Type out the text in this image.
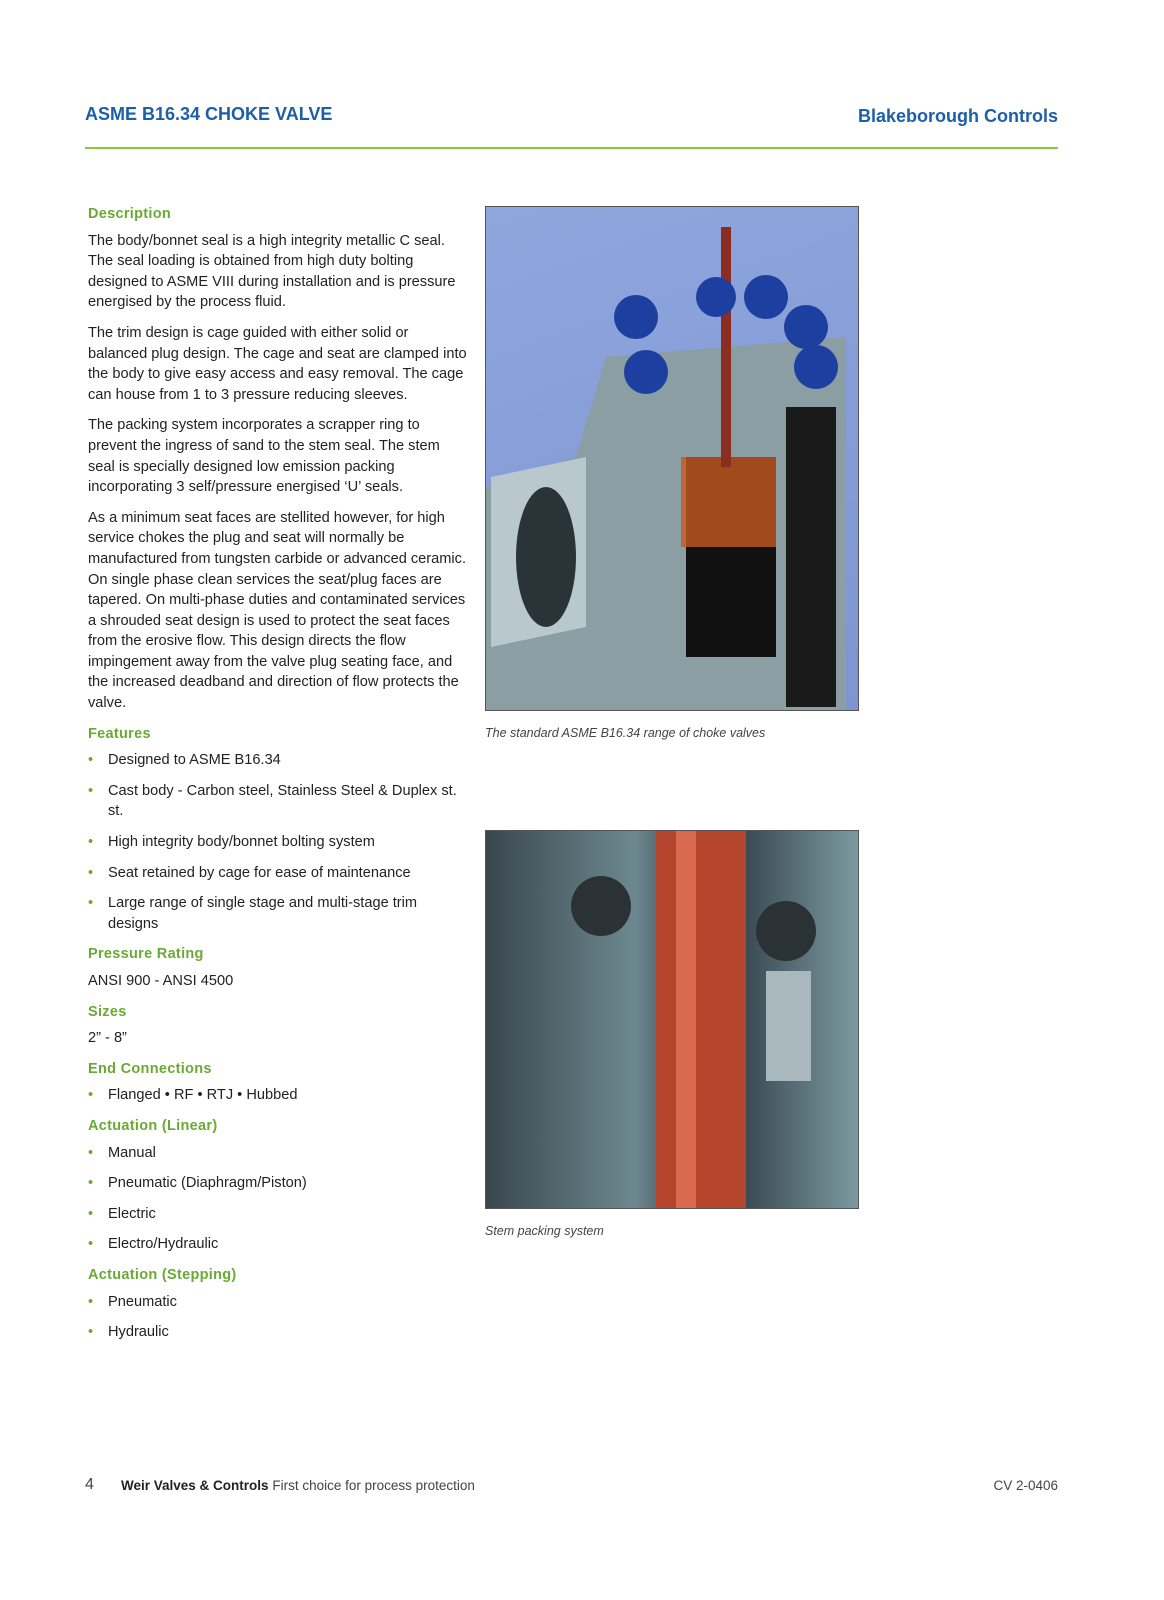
ASME B16.34 CHOKE VALVE	Blakeborough Controls
Description

The body/bonnet seal is a high integrity metallic C seal. The seal loading is obtained from high duty bolting designed to ASME VIII during installation and is pressure energised by the process fluid.

The trim design is cage guided with either solid or balanced plug design. The cage and seat are clamped into the body to give easy access and easy removal. The cage can house from 1 to 3 pressure reducing sleeves.

The packing system incorporates a scrapper ring to prevent the ingress of sand to the stem seal. The stem seal is specially designed low emission packing incorporating 3 self/pressure energised ‘U’ seals.

As a minimum seat faces are stellited however, for high service chokes the plug and seat will normally be manufactured from tungsten carbide or advanced ceramic. On single phase clean services the seat/plug faces are tapered. On multi-phase duties and contaminated services a shrouded seat design is used to protect the seat faces from the erosive flow. This design directs the flow impingement away from the valve plug seating face, and the increased deadband and direction of flow protects the valve.

Features
• Designed to ASME B16.34
• Cast body - Carbon steel, Stainless Steel & Duplex st. st.
• High integrity body/bonnet bolting system
• Seat retained by cage for ease of maintenance
• Large range of single stage and multi-stage trim designs
Pressure Rating

ANSI 900 - ANSI 4500

Sizes

2” - 8”

End Connections
• Flanged • RF • RTJ • Hubbed
Actuation (Linear)
• Manual
• Pneumatic (Diaphragm/Piston)
• Electric
• Electro/Hydraulic
Actuation (Stepping)
• Pneumatic
• Hydraulic
The standard ASME B16.34 range of choke valves
Stem packing system
4 Weir Valves & Controls First choice for process protection	CV 2-0406
